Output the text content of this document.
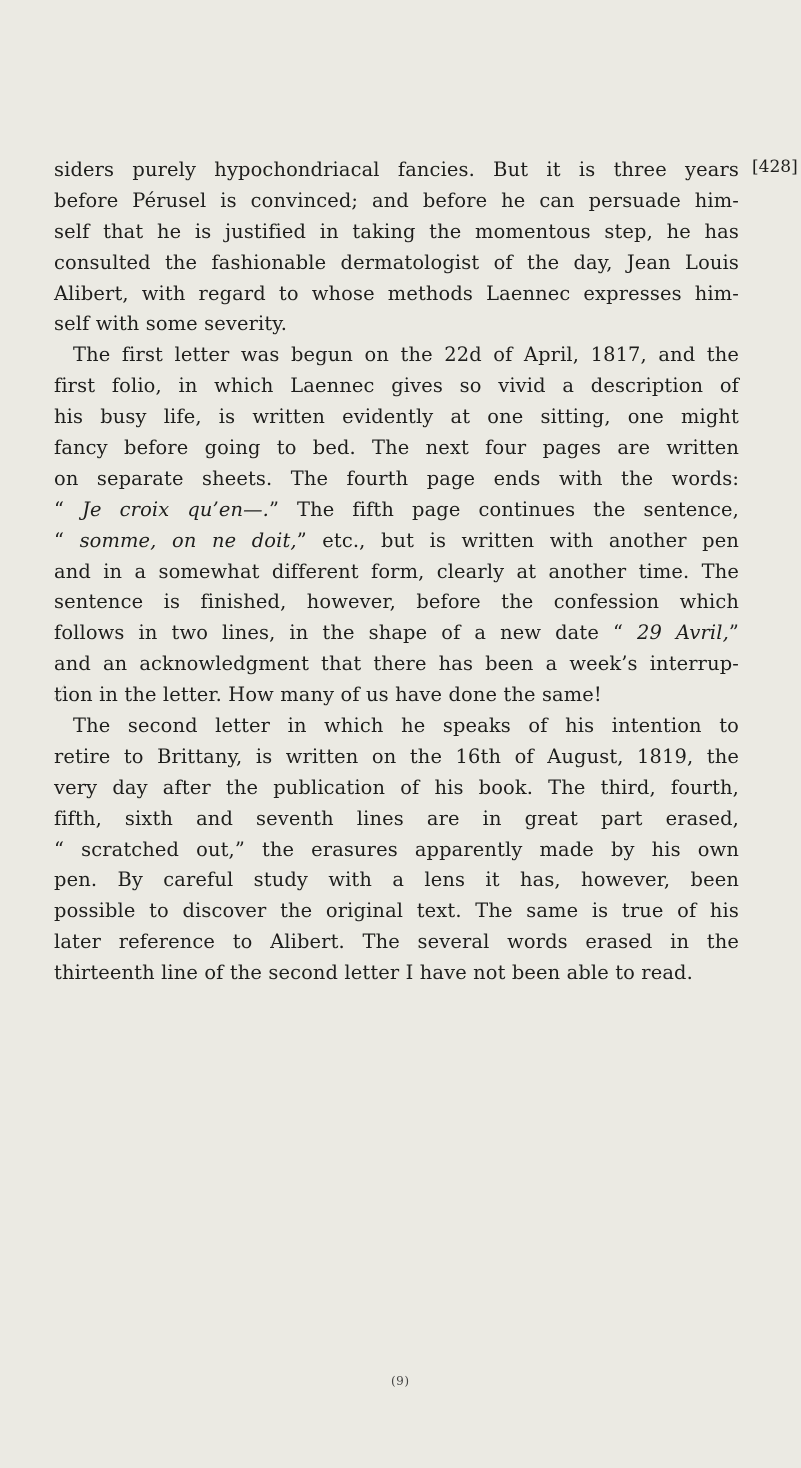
[428]
siders purely hypochondriacal fancies. But it is three years
before Pérusel is convinced; and before he can persuade him-
self that he is justified in taking the momentous step, he has
consulted the fashionable dermatologist of the day, Jean Louis
Alibert, with regard to whose methods Laennec expresses him-
self with some severity.
The first letter was begun on the 22d of April, 1817, and the
first folio, in which Laennec gives so vivid a description of
his busy life, is written evidently at one sitting, one might
fancy before going to bed. The next four pages are written
on separate sheets. The fourth page ends with the words:
“ Je croix qu’en—.” The fifth page continues the sentence,
“ somme, on ne doit,” etc., but is written with another pen
and in a somewhat different form, clearly at another time. The
sentence is finished, however, before the confession which
follows in two lines, in the shape of a new date “ 29 Avril,”
and an acknowledgment that there has been a week’s interrup-
tion in the letter. How many of us have done the same!
The second letter in which he speaks of his intention to
retire to Brittany, is written on the 16th of August, 1819, the
very day after the publication of his book. The third, fourth,
fifth, sixth and seventh lines are in great part erased,
“ scratched out,” the erasures apparently made by his own
pen. By careful study with a lens it has, however, been
possible to discover the original text. The same is true of his
later reference to Alibert. The several words erased in the
thirteenth line of the second letter I have not been able to read.
(9)
